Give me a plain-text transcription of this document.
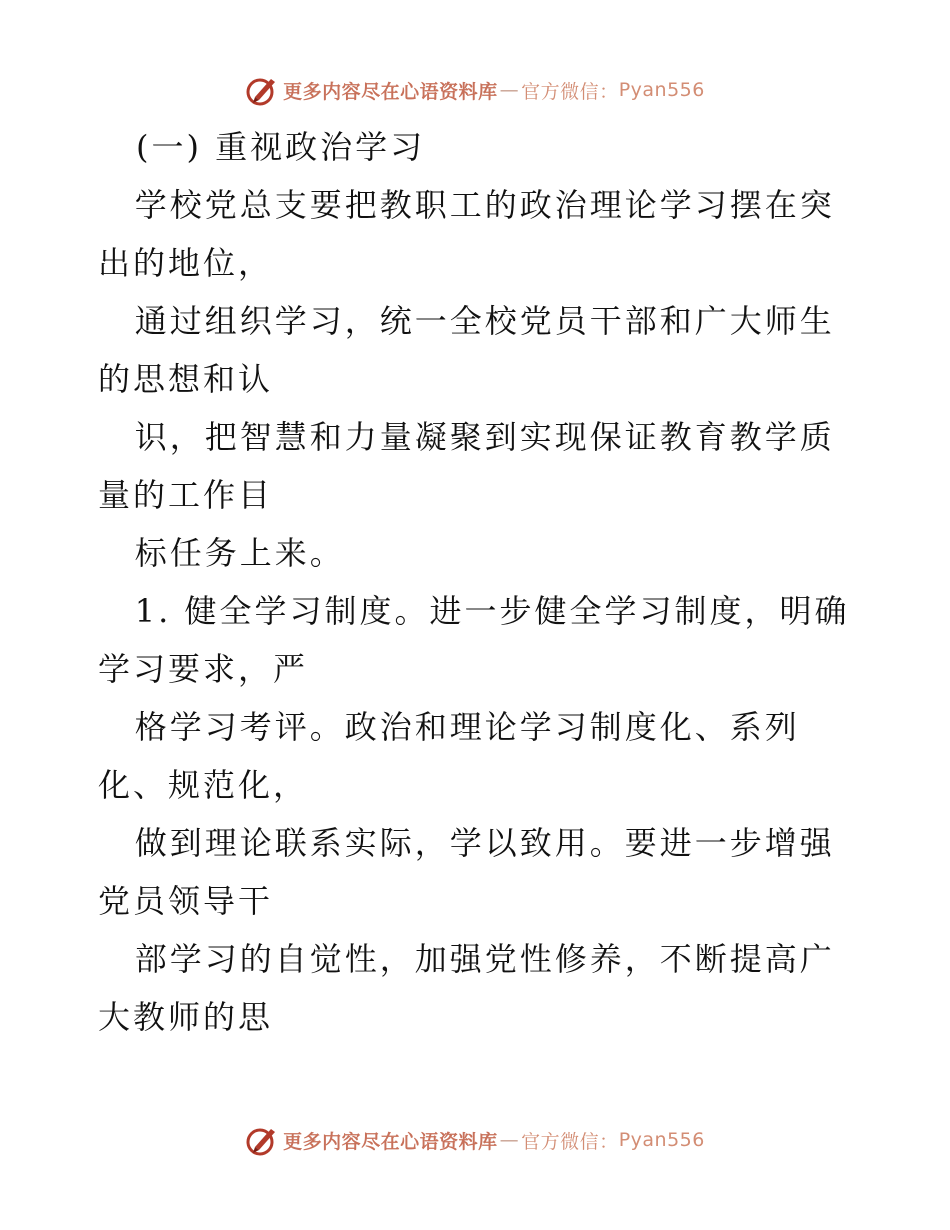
更多内容尽在心语资料库 — 官方微信： Pyan556

(一) 重视政治学习

学校党总支要把教职工的政治理论学习摆在突出的地位，

通过组织学习，统一全校党员干部和广大师生的思想和认

识，把智慧和力量凝聚到实现保证教育教学质量的工作目

标任务上来。

1. 健全学习制度。进一步健全学习制度，明确学习要求，严

格学习考评。政治和理论学习制度化、系列化、规范化，

做到理论联系实际，学以致用。要进一步增强党员领导干

部学习的自觉性，加强党性修养，不断提高广大教师的思

更多内容尽在心语资料库 — 官方微信： Pyan556
